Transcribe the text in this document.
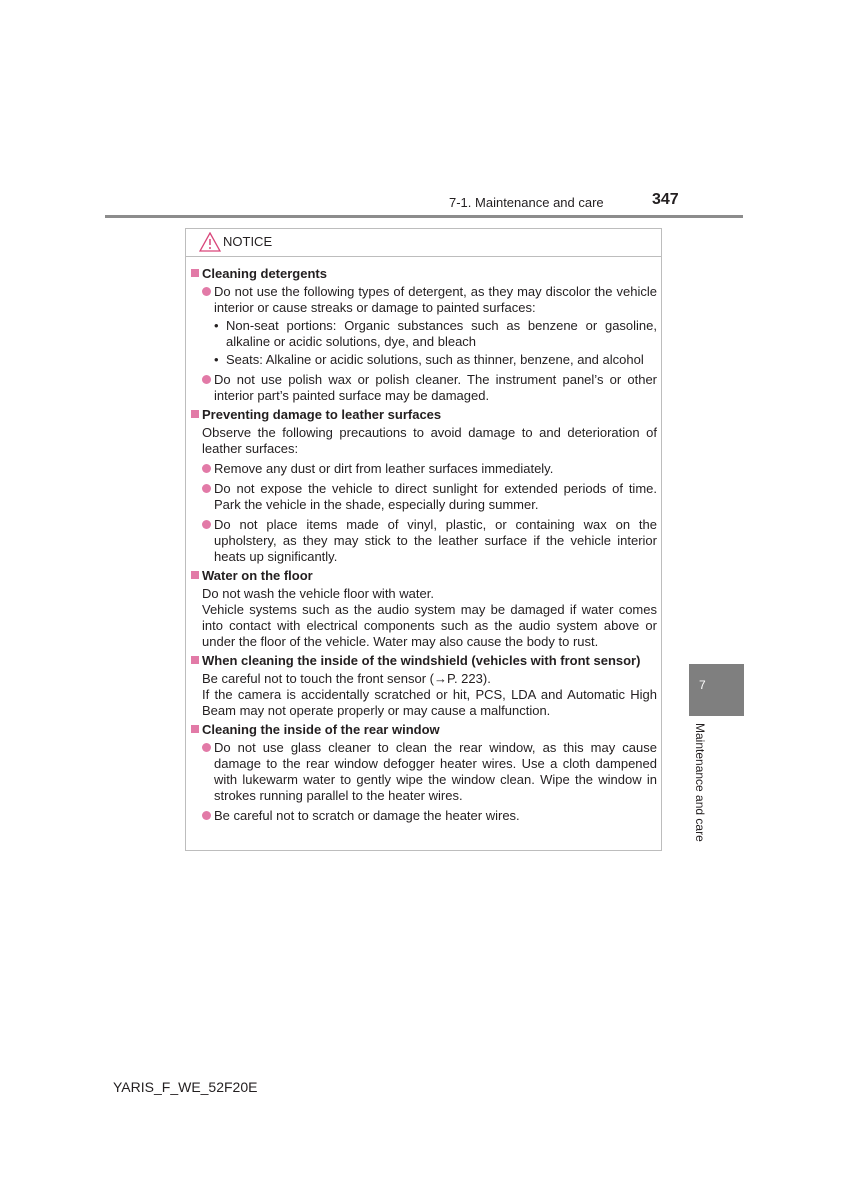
7-1. Maintenance and care	347
NOTICE
Cleaning detergents
Do not use the following types of detergent, as they may discolor the vehicle interior or cause streaks or damage to painted surfaces:
• Non-seat portions: Organic substances such as benzene or gasoline, alkaline or acidic solutions, dye, and bleach
• Seats: Alkaline or acidic solutions, such as thinner, benzene, and alcohol
Do not use polish wax or polish cleaner. The instrument panel’s or other interior part’s painted surface may be damaged.
Preventing damage to leather surfaces
Observe the following precautions to avoid damage to and deterioration of leather surfaces:
Remove any dust or dirt from leather surfaces immediately.
Do not expose the vehicle to direct sunlight for extended periods of time. Park the vehicle in the shade, especially during summer.
Do not place items made of vinyl, plastic, or containing wax on the upholstery, as they may stick to the leather surface if the vehicle interior heats up significantly.
Water on the floor
Do not wash the vehicle floor with water.
Vehicle systems such as the audio system may be damaged if water comes into contact with electrical components such as the audio system above or under the floor of the vehicle. Water may also cause the body to rust.
When cleaning the inside of the windshield (vehicles with front sensor)
Be careful not to touch the front sensor (→P. 223).
If the camera is accidentally scratched or hit, PCS, LDA and Automatic High Beam may not operate properly or may cause a malfunction.
Cleaning the inside of the rear window
Do not use glass cleaner to clean the rear window, as this may cause damage to the rear window defogger heater wires. Use a cloth dampened with lukewarm water to gently wipe the window clean. Wipe the window in strokes running parallel to the heater wires.
Be careful not to scratch or damage the heater wires.
7
Maintenance and care
YARIS_F_WE_52F20E
